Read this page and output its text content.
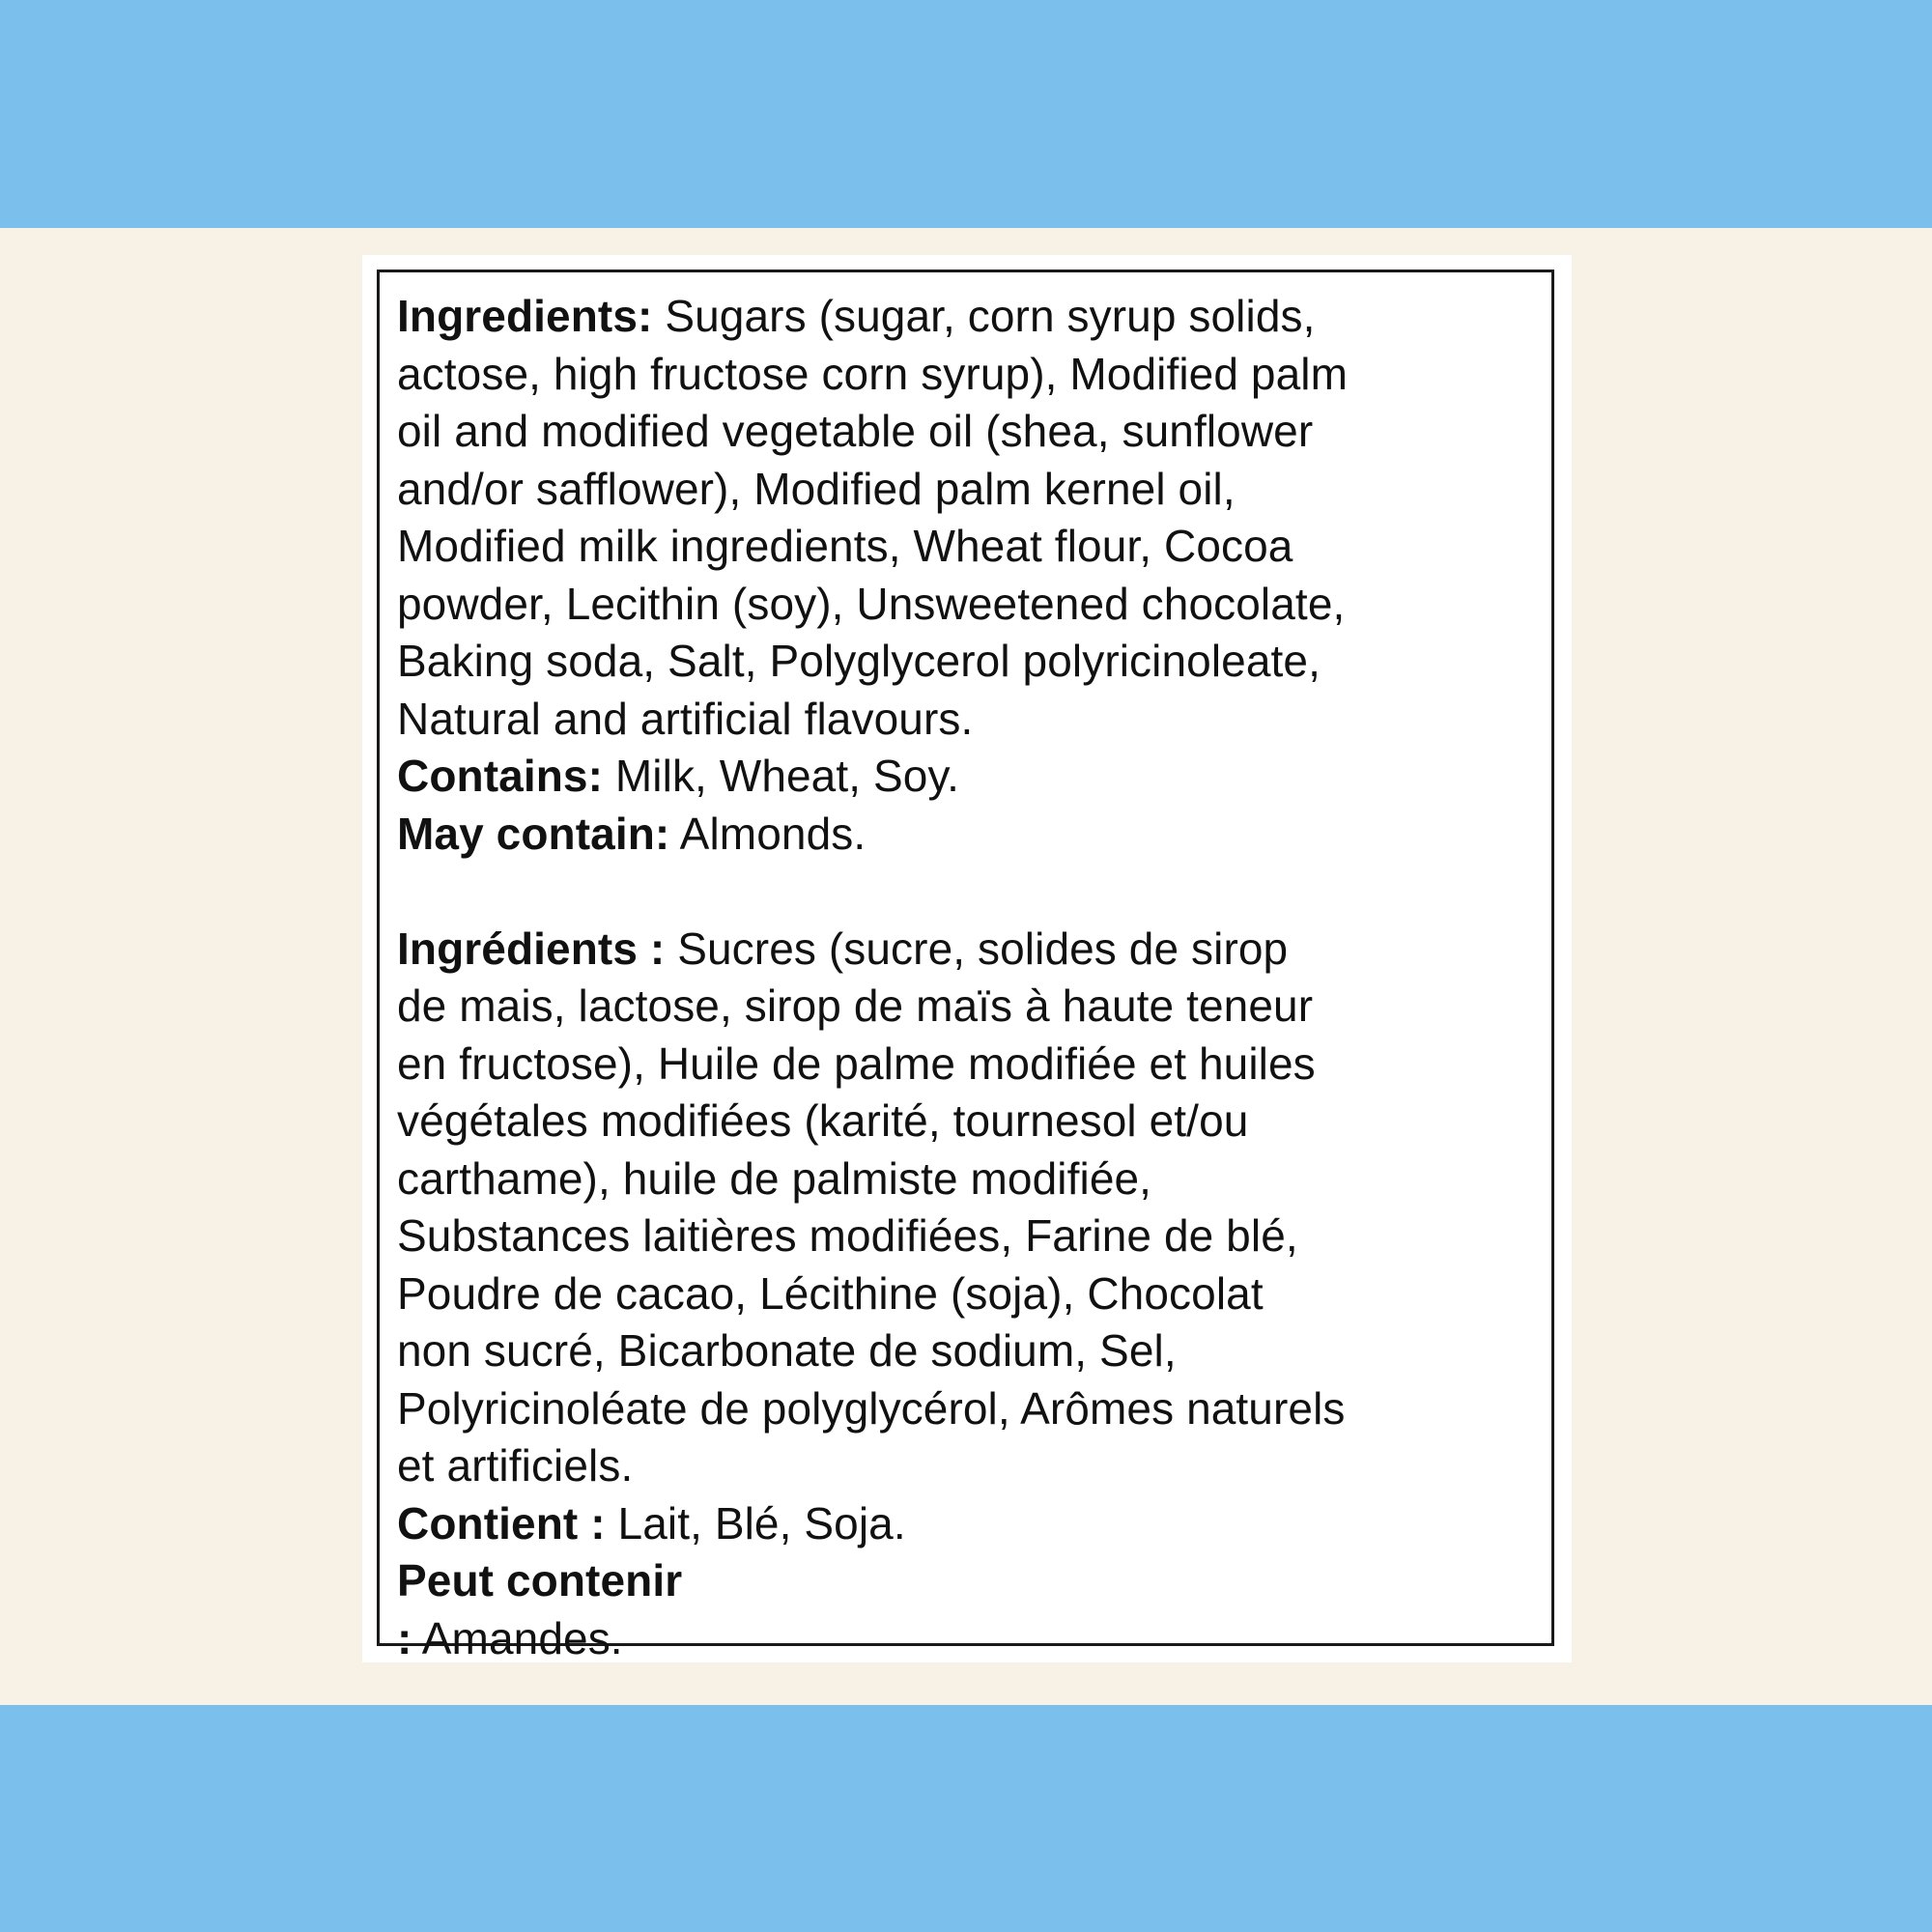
Ingredients: Sugars (sugar, corn syrup solids,
actose, high fructose corn syrup), Modified palm
oil and modified vegetable oil (shea, sunflower
and/or safflower), Modified palm kernel oil,
Modified milk ingredients, Wheat flour, Cocoa
powder, Lecithin (soy), Unsweetened chocolate,
Baking soda, Salt, Polyglycerol polyricinoleate,
Natural and artificial flavours.
Contains: Milk, Wheat, Soy.
May contain: Almonds.
Ingrédients : Sucres (sucre, solides de sirop
de mais, lactose, sirop de maïs à haute teneur
en fructose), Huile de palme modifiée et huiles
végétales modifiées (karité, tournesol et/ou
carthame), huile de palmiste modifiée,
Substances laitières modifiées, Farine de blé,
Poudre de cacao, Lécithine (soja), Chocolat
non sucré, Bicarbonate de sodium, Sel,
Polyricinoléate de polyglycérol, Arômes naturels
et artificiels.
Contient : Lait, Blé, Soja.
Peut contenir
: Amandes.
